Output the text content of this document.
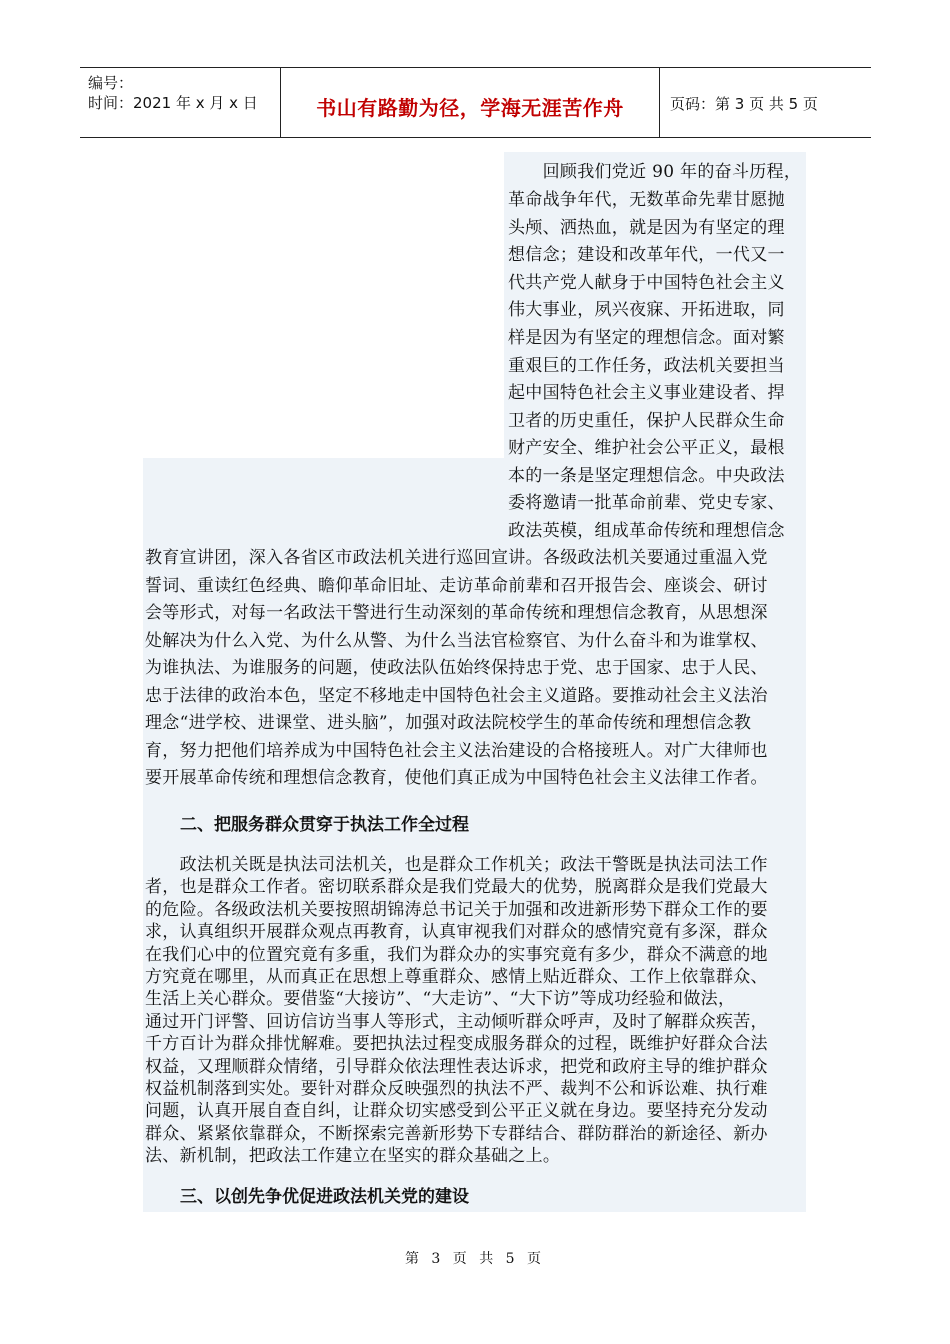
编号：
时间：2021 年 x 月 x 日	书山有路勤为径，学海无涯苦作舟	页码：第 3 页 共 5 页
　　回顾我们党近 90 年的奋斗历程，
革命战争年代，无数革命先辈甘愿抛
头颅、洒热血，就是因为有坚定的理
想信念；建设和改革年代，一代又一
代共产党人献身于中国特色社会主义
伟大事业，夙兴夜寐、开拓进取，同
样是因为有坚定的理想信念。面对繁
重艰巨的工作任务，政法机关要担当
起中国特色社会主义事业建设者、捍
卫者的历史重任，保护人民群众生命
财产安全、维护社会公平正义，最根
本的一条是坚定理想信念。中央政法
委将邀请一批革命前辈、党史专家、
政法英模，组成革命传统和理想信念
教育宣讲团，深入各省区市政法机关进行巡回宣讲。各级政法机关要通过重温入党
誓词、重读红色经典、瞻仰革命旧址、走访革命前辈和召开报告会、座谈会、研讨
会等形式，对每一名政法干警进行生动深刻的革命传统和理想信念教育，从思想深
处解决为什么入党、为什么从警、为什么当法官检察官、为什么奋斗和为谁掌权、
为谁执法、为谁服务的问题，使政法队伍始终保持忠于党、忠于国家、忠于人民、
忠于法律的政治本色，坚定不移地走中国特色社会主义道路。要推动社会主义法治
理念“进学校、进课堂、进头脑”，加强对政法院校学生的革命传统和理想信念教
育，努力把他们培养成为中国特色社会主义法治建设的合格接班人。对广大律师也
要开展革命传统和理想信念教育，使他们真正成为中国特色社会主义法律工作者。
二、把服务群众贯穿于执法工作全过程
　　政法机关既是执法司法机关，也是群众工作机关；政法干警既是执法司法工作
者，也是群众工作者。密切联系群众是我们党最大的优势，脱离群众是我们党最大
的危险。各级政法机关要按照胡锦涛总书记关于加强和改进新形势下群众工作的要
求，认真组织开展群众观点再教育，认真审视我们对群众的感情究竟有多深，群众
在我们心中的位置究竟有多重，我们为群众办的实事究竟有多少，群众不满意的地
方究竟在哪里，从而真正在思想上尊重群众、感情上贴近群众、工作上依靠群众、
生活上关心群众。要借鉴“大接访”、“大走访”、“大下访”等成功经验和做法，
通过开门评警、回访信访当事人等形式，主动倾听群众呼声，及时了解群众疾苦，
千方百计为群众排忧解难。要把执法过程变成服务群众的过程，既维护好群众合法
权益，又理顺群众情绪，引导群众依法理性表达诉求，把党和政府主导的维护群众
权益机制落到实处。要针对群众反映强烈的执法不严、裁判不公和诉讼难、执行难
问题，认真开展自查自纠，让群众切实感受到公平正义就在身边。要坚持充分发动
群众、紧紧依靠群众，不断探索完善新形势下专群结合、群防群治的新途径、新办
法、新机制，把政法工作建立在坚实的群众基础之上。
三、以创先争优促进政法机关党的建设
第 3 页 共 5 页
